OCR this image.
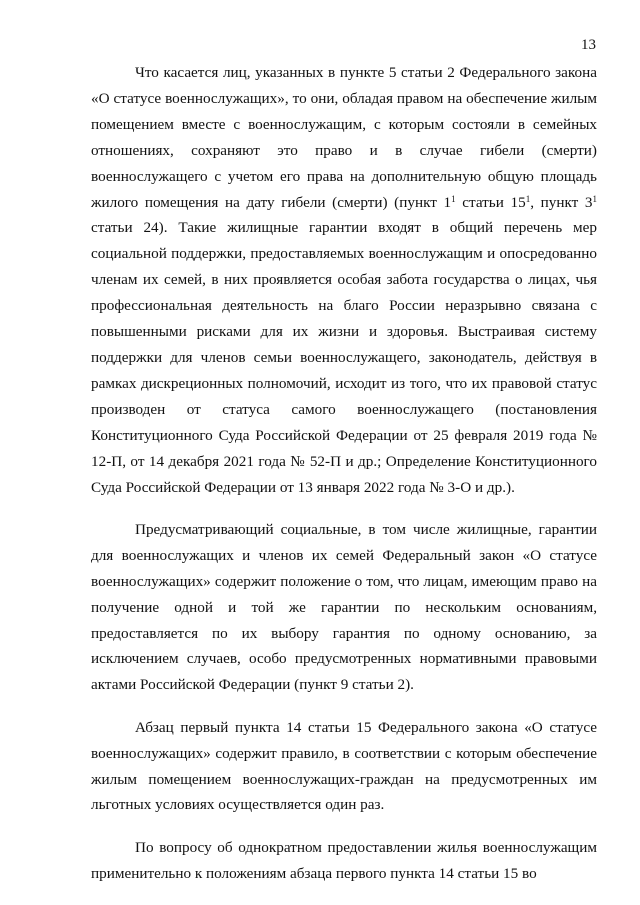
13

Что касается лиц, указанных в пункте 5 статьи 2 Федерального закона «О статусе военнослужащих», то они, обладая правом на обеспечение жилым помещением вместе с военнослужащим, с которым состояли в семейных отношениях, сохраняют это право и в случае гибели (смерти) военнослужащего с учетом его права на дополнительную общую площадь жилого помещения на дату гибели (смерти) (пункт $1^1$ статьи $15^1$, пункт $3^1$ статьи 24). Такие жилищные гарантии входят в общий перечень мер социальной поддержки, предоставляемых военнослужащим и опосредованно членам их семей, в них проявляется особая забота государства о лицах, чья профессиональная деятельность на благо России неразрывно связана с повышенными рисками для их жизни и здоровья. Выстраивая систему поддержки для членов семьи военнослужащего, законодатель, действуя в рамках дискреционных полномочий, исходит из того, что их правовой статус производен от статуса самого военнослужащего (постановления Конституционного Суда Российской Федерации от 25 февраля 2019 года № 12-П, от 14 декабря 2021 года № 52-П и др.; Определение Конституционного Суда Российской Федерации от 13 января 2022 года № 3-О и др.).

Предусматривающий социальные, в том числе жилищные, гарантии для военнослужащих и членов их семей Федеральный закон «О статусе военнослужащих» содержит положение о том, что лицам, имеющим право на получение одной и той же гарантии по нескольким основаниям, предоставляется по их выбору гарантия по одному основанию, за исключением случаев, особо предусмотренных нормативными правовыми актами Российской Федерации (пункт 9 статьи 2).

Абзац первый пункта 14 статьи 15 Федерального закона «О статусе военнослужащих» содержит правило, в соответствии с которым обеспечение жилым помещением военнослужащих-граждан на предусмотренных им льготных условиях осуществляется один раз.

По вопросу об однократном предоставлении жилья военнослужащим применительно к положениям абзаца первого пункта 14 статьи 15 во
